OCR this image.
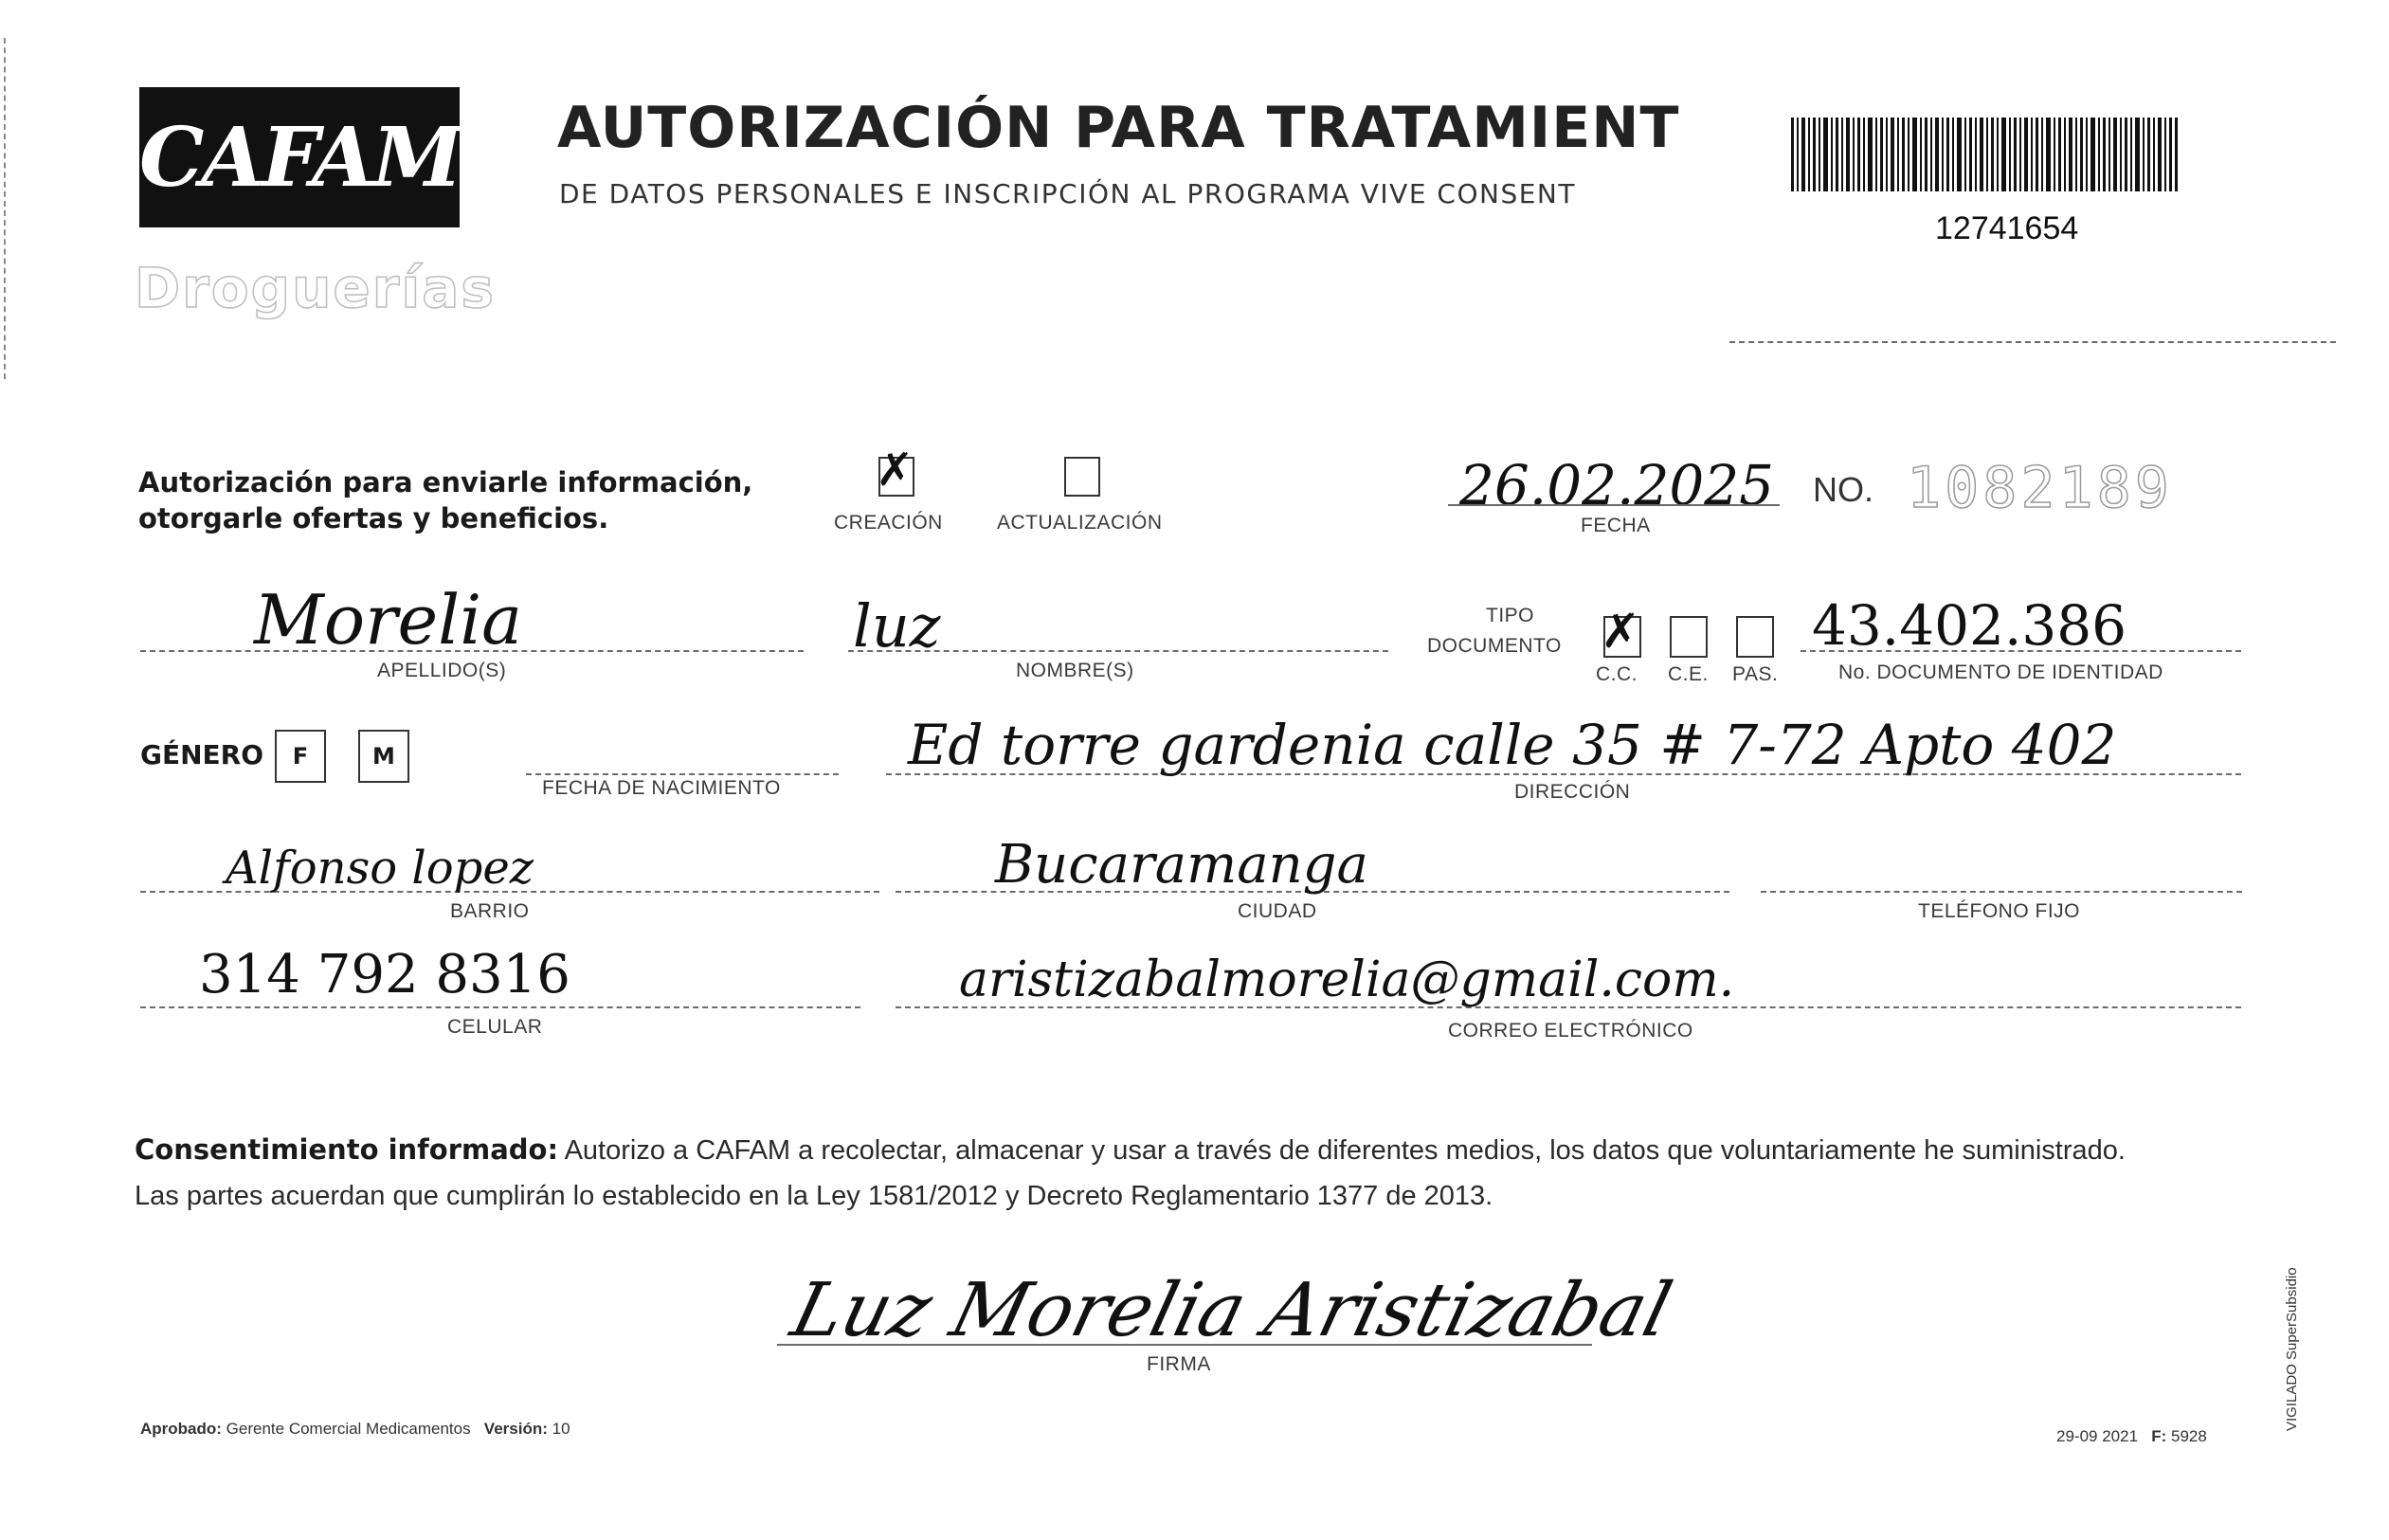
CAFAM
Droguerías
AUTORIZACIÓN PARA TRATAMIENT
DE DATOS PERSONALES E INSCRIPCIÓN AL PROGRAMA VIVE CONSENT
12741654
Autorización para enviarle información,
otorgarle ofertas y beneficios.
✗
CREACIÓN	ACTUALIZACIÓN
26.02.2025
FECHA
NO. 1082189
Morelia
APELLIDO(S)
luz
NOMBRE(S)
TIPO
DOCUMENTO ✗
C.C. C.E. PAS.
43.402.386
No. DOCUMENTO DE IDENTIDAD
GÉNERO F	M
FECHA DE NACIMIENTO
Ed torre gardenia calle 35 # 7-72 Apto 402
DIRECCIÓN
Alfonso lopez
BARRIO
Bucaramanga
CIUDAD	TELÉFONO FIJO
314 792 8316
CELULAR
aristizabalmorelia@gmail.com.
CORREO ELECTRÓNICO
Consentimiento informado: Autorizo a CAFAM a recolectar, almacenar y usar a través de diferentes medios, los datos que voluntariamente he suministrado.
Las partes acuerdan que cumplirán lo establecido en la Ley 1581/2012 y Decreto Reglamentario 1377 de 2013.
Luz Morelia Aristizabal
FIRMA
Aprobado: Gerente Comercial Medicamentos Versión: 10	29-09 2021 F: 5928
VIGILADO SuperSubsidio
